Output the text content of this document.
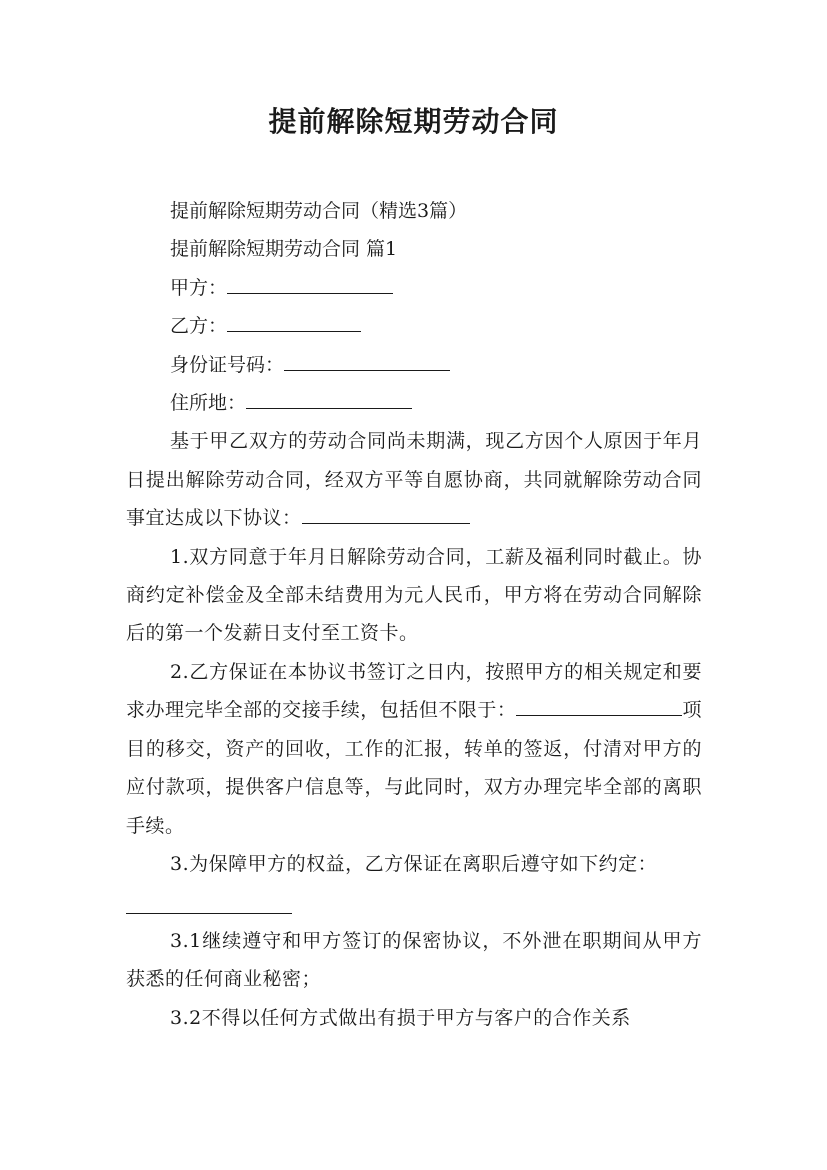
提前解除短期劳动合同

提前解除短期劳动合同（精选3篇）

提前解除短期劳动合同 篇1

甲方：

乙方：

身份证号码：

住所地：

基于甲乙双方的劳动合同尚未期满，现乙方因个人原因于年月日提出解除劳动合同，经双方平等自愿协商，共同就解除劳动合同事宜达成以下协议：

1.双方同意于年月日解除劳动合同，工薪及福利同时截止。协商约定补偿金及全部未结费用为元人民币，甲方将在劳动合同解除后的第一个发薪日支付至工资卡。

2.乙方保证在本协议书签订之日内，按照甲方的相关规定和要求办理完毕全部的交接手续，包括但不限于：	项目的移交，资产的回收，工作的汇报，转单的签返，付清对甲方的应付款项，提供客户信息等，与此同时，双方办理完毕全部的离职手续。

3.为保障甲方的权益，乙方保证在离职后遵守如下约定：

3.1继续遵守和甲方签订的保密协议，不外泄在职期间从甲方获悉的任何商业秘密；

3.2不得以任何方式做出有损于甲方与客户的合作关系
